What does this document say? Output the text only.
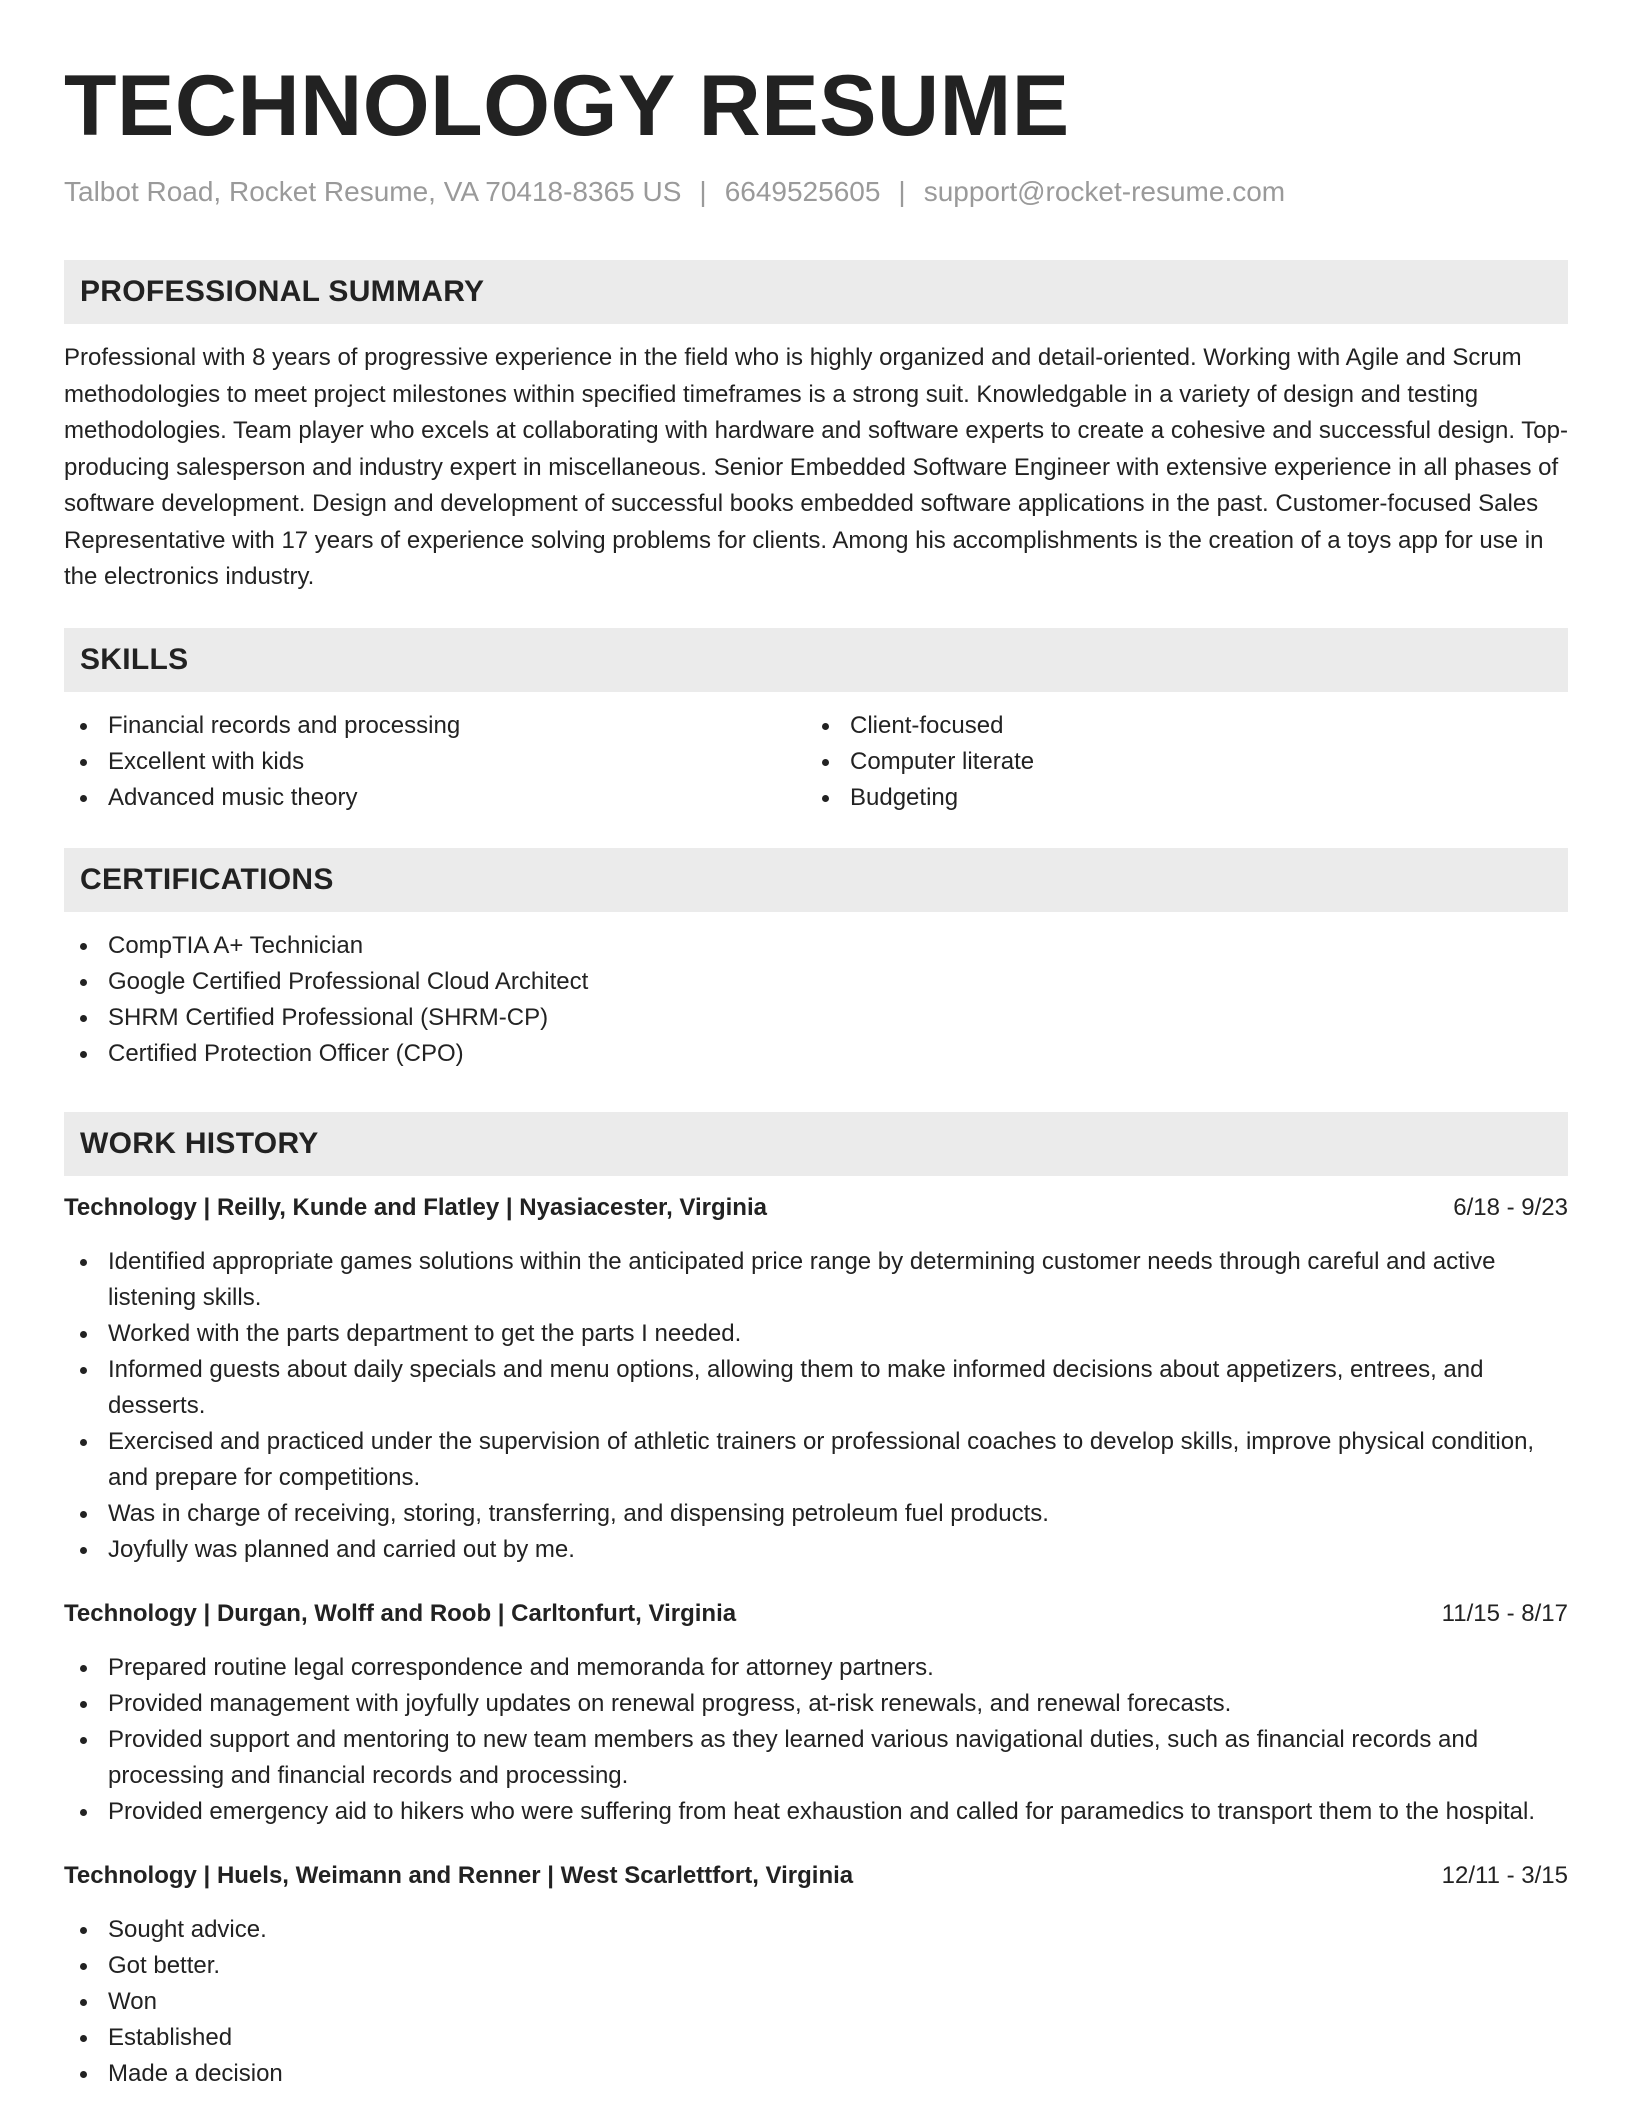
TECHNOLOGY RESUME
Talbot Road, Rocket Resume, VA 70418-8365 US | 6649525605 | support@rocket-resume.com
PROFESSIONAL SUMMARY

Professional with 8 years of progressive experience in the field who is highly organized and detail-oriented. Working with Agile and Scrum methodologies to meet project milestones within specified timeframes is a strong suit. Knowledgable in a variety of design and testing methodologies. Team player who excels at collaborating with hardware and software experts to create a cohesive and successful design. Top-producing salesperson and industry expert in miscellaneous. Senior Embedded Software Engineer with extensive experience in all phases of software development. Design and development of successful books embedded software applications in the past. Customer-focused Sales Representative with 17 years of experience solving problems for clients. Among his accomplishments is the creation of a toys app for use in the electronics industry.

SKILLS
Financial records and processing
Excellent with kids
Advanced music theory
Client-focused
Computer literate
Budgeting
CERTIFICATIONS
CompTIA A+ Technician
Google Certified Professional Cloud Architect
SHRM Certified Professional (SHRM-CP)
Certified Protection Officer (CPO)
WORK HISTORY
Technology | Reilly, Kunde and Flatley | Nyasiacester, Virginia	6/18 - 9/23
Identified appropriate games solutions within the anticipated price range by determining customer needs through careful and active listening skills.
Worked with the parts department to get the parts I needed.
Informed guests about daily specials and menu options, allowing them to make informed decisions about appetizers, entrees, and desserts.
Exercised and practiced under the supervision of athletic trainers or professional coaches to develop skills, improve physical condition, and prepare for competitions.
Was in charge of receiving, storing, transferring, and dispensing petroleum fuel products.
Joyfully was planned and carried out by me.
Technology | Durgan, Wolff and Roob | Carltonfurt, Virginia	11/15 - 8/17
Prepared routine legal correspondence and memoranda for attorney partners.
Provided management with joyfully updates on renewal progress, at-risk renewals, and renewal forecasts.
Provided support and mentoring to new team members as they learned various navigational duties, such as financial records and processing and financial records and processing.
Provided emergency aid to hikers who were suffering from heat exhaustion and called for paramedics to transport them to the hospital.
Technology | Huels, Weimann and Renner | West Scarlettfort, Virginia	12/11 - 3/15
Sought advice.
Got better.
Won
Established
Made a decision
